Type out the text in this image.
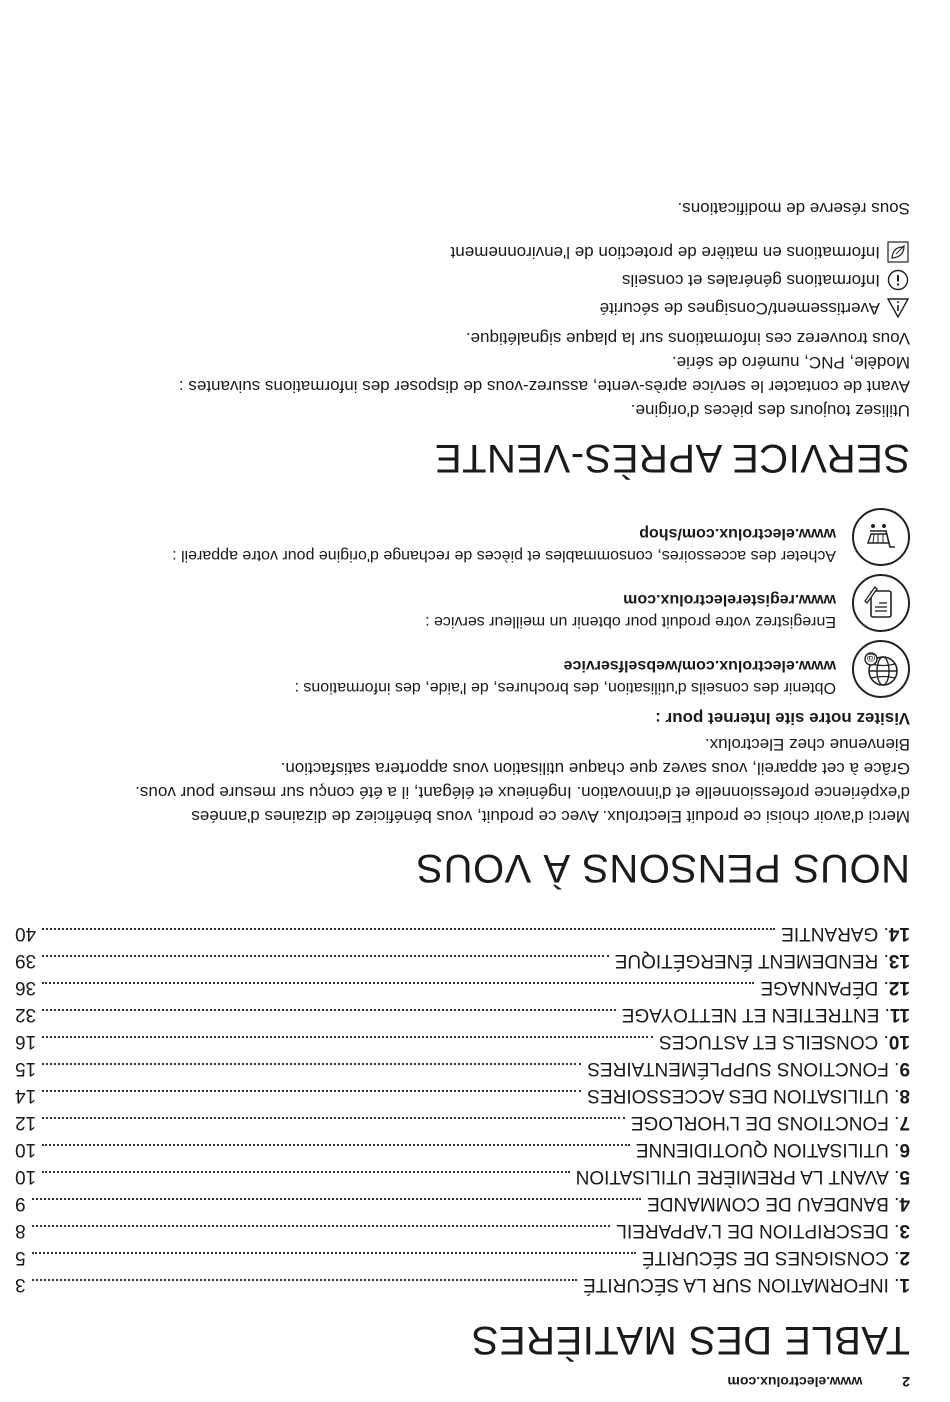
2 www.electrolux.com
TABLE DES MATIÈRES
1
.
INFORMATION SUR LA SÉCURITÉ
3
2
.
CONSIGNES DE SÉCURITÉ
5
3
.
DESCRIPTION DE L'APPAREIL
8
4
.
BANDEAU DE COMMANDE
9
5
.
AVANT LA PREMIÈRE UTILISATION
10
6
.
UTILISATION QUOTIDIENNE
10
7
.
FONCTIONS DE L'HORLOGE
12
8
.
UTILISATION DES ACCESSOIRES
14
9
.
FONCTIONS SUPPLÉMENTAIRES
15
10
.
CONSEILS ET ASTUCES
16
11
.
ENTRETIEN ET NETTOYAGE
32
12
.
DÉPANNAGE
36
13
.
RENDEMENT ÉNERGÉTIQUE
39
14
.
GARANTIE
40
NOUS PENSONS À VOUS

Merci d'avoir choisi ce produit Electrolux. Avec ce produit, vous bénéficiez de dizaines d'années d'expérience professionnelle et d'innovation. Ingénieux et élégant, il a été conçu sur mesure pour vous. Grâce à cet appareil, vous savez que chaque utilisation vous apportera satisfaction.

Bienvenue chez Electrolux.

Visitez notre site Internet pour :

@

Obtenir des conseils d'utilisation, des brochures, de l'aide, des informations :

www.electrolux.com/webselfservice

Enregistrez votre produit pour obtenir un meilleur service :

www.registerelectrolux.com

Acheter des accessoires, consommables et pièces de rechange d'origine pour votre appareil :

www.electrolux.com/shop

SERVICE APRÈS-VENTE

Utilisez toujours des pièces d'origine.

Avant de contacter le service après-vente, assurez-vous de disposer des informations suivantes : Modèle, PNC, numéro de série.

Vous trouverez ces informations sur la plaque signalétique.

Avertissement/Consignes de sécurité
Informations générales et conseils
Informations en matière de protection de l'environnement

Sous réserve de modifications.
